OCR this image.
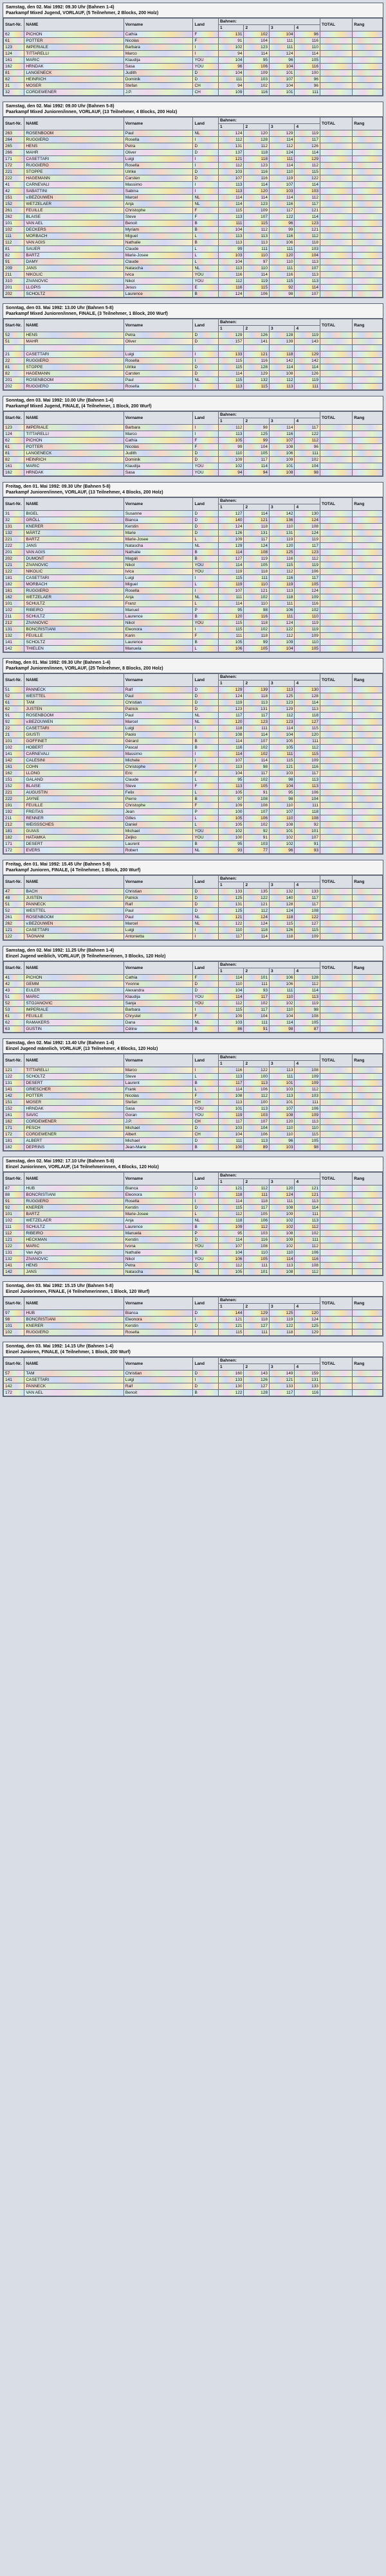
Samstag, den 02. Mai 1992: 09.30 Uhr (Bahnen 1-4)
Paarkampf Mixed Jugend, VORLAUF, (5 Teilnehmer, 2 Blocks, 200 Holz)
Start-Nr.	NAME	Vorname	Land	Bahnen:				TOTAL	Rang
				1	2	3	4		
62	PICHON	Cathia	F	131	102	104	96		
61	POTTER	Nicolas	F	91	104	111	116		
123	IMPERIALE	Barbara	I	102	123	111	110		
124	TITTARELLI	Marco	I	94	114	124	114		
161	MARIC	Klaudija	YOU	104	95	96	105		
162	HRNDAK	Sasa	YOU	96	106	104	116		
81	LANGENECK	Judith	D	104	109	101	100		
82	HEINRICH	Dominik	D	111	103	107	96		
31	MOSER	Stefan	CH	94	102	104	96		
32	CORDEWENER	J.P.	CH	109	116	101	111		
Samstag, den 02. Mai 1992: 09.00 Uhr (Bahnen 5-8)
Paarkampf Mixed Junioren/innen, VORLAUF, (13 Teilnehmer, 4 Blocks, 200 Holz)
Start-Nr.	NAME	Vorname	Land	Bahnen:				TOTAL	Rang
				1	2	3	4		
263	ROSENBOOM	Paul	NL	124	120	129	119		
264	RUGGIERO	Rosella	I	112	128	114	117		
265	HENS	Petra	D	131	112	112	126		
266	MAHR	Oliver	D	137	118	124	114		
171	CASETTARI	Luigi	I	121	118	111	129		
172	RUGGIERO	Rosella	I	112	123	114	112		
221	STOPPE	Ulrike	D	103	116	110	115		
222	HAGEMANN	Carsten	D	107	116	119	122		
41	CARNEVALI	Massimo	I	113	114	107	114		
42	SABATTINI	Sabina	I	113	120	103	103		
151	v.BEZOUWEN	Marcel	NL	114	114	114	112		
152	WETZELAER	Anja	NL	114	123	116	117		
261	FEUILLE	Christophe	F	115	109	117	121		
262	BLAISE	Steve	F	113	107	122	114		
101	VAN AEL	Benoit	B	111	115	96	123		
102	DECKERS	Myriam	B	104	112	99	121		
111	MORBACH	Miguel	L	113	113	116	112		
112	VAN AGIS	Nathalie	B	113	113	106	118		
81	SAUER	Claude	L	99	111	111	103		
82	BARTZ	Marie-Josee	L	103	110	120	104		
91	DAMY	Claude	L	104	97	110	113		
209	JANS	Natascha	NL	113	110	111	107		
211	NIKOLIC	Ivica	YOU	116	114	116	113		
310	ZIVANOVIC	Nikol	YOU	112	119	115	113		
201	LLOPIS	Jesus	E	116	115	92	114		
202	SCHOLTZ	Laurence	B	124	106	98	107		
Sonntag, den 03. Mai 1992: 13.00 Uhr (Bahnen 5-8)
Paarkampf Mixed Junioren/innen, FINALE, (3 Teilnehmer, 1 Block, 200 Wurf)
Start-Nr.	NAME	Vorname	Land	Bahnen:				TOTAL	Rang
				1	2	3	4		
52	HENS	Petra	D	129	126	128	119		
51	MAHR	Oliver	D	157	141	139	143		

21	CASETTARI	Luigi	I	133	121	118	129		
22	RUGGIERO	Rosella	I	115	116	142	142		
81	STOPPE	Ulrike	D	115	128	114	114		
82	HAGEMANN	Carsten	D	114	129	108	126		
201	ROSENBOOM	Paul	NL	115	132	112	119		
202	RUGGIERO	Rosella	I	113	115	113	111		
Sonntag, den 03. Mai 1992: 10.00 Uhr (Bahnen 1-4)
Paarkampf Mixed Jugend, FINALE, (4 Teilnehmer, 1 Block, 200 Wurf)
Start-Nr.	NAME	Vorname	Land	Bahnen:				TOTAL	Rang
				1	2	3	4		
123	IMPERIALE	Barbara	I	112	98	114	117		
124	TITTARELLI	Marco	I	113	125	116	122		
62	PICHON	Cathia	F	105	99	107	112		
61	POTTER	Nicolas	F	99	104	108	96		
81	LANGENECK	Judith	D	110	105	106	111		
82	HEINRICH	Dominik	D	109	117	109	102		
161	MARIC	Klaudija	YOU	102	114	101	104		
162	HRNDAK	Sasa	YOU	94	94	108	98		
Freitag, den 01. Mai 1992: 09.30 Uhr (Bahnen 5-8)
Paarkampf Junioren/innen, VORLAUF, (13 Teilnehmer, 4 Blocks, 200 Holz)
Start-Nr.	NAME	Vorname	Land	Bahnen:				TOTAL	Rang
				1	2	3	4		
31	BIGEL	Susanne	D	127	114	142	130		
32	GRÖLL	Bianca	D	140	121	136	124		
131	KNERER	Kerstin	D	124	118	110	108		
132	MÄRTZ	Marie	D	126	131	131	124		
221	BARTZ	Marie-Josee	L	109	117	119	119		
222	JANS	Natascha	NL	129	124	120	117		
201	VAN AGIS	Nathalie	B	114	108	125	123		
202	DUMONT	Magali	B	127	119	116	112		
121	ZIVANOVIC	Nikol	YOU	114	105	115	119		
122	NIKOLIC	Ivica	YOU	119	118	112	106		
181	CASETTARI	Luigi	I	115	111	116	117		
182	MORBACH	Miguel	L	119	110	119	105		
161	RUGGIERO	Rosella	I	107	121	113	124		
162	WETZELAER	Anja	NL	111	102	118	109		
101	SCHULTZ	Franz	L	114	110	111	116		
102	RIBEIRO	Manuel	P	95	98	106	102		
211	SCHULTZ	Laurence	B	120	116	111	110		
212	ZIVANOVIC	Nikol	YOU	115	118	124	119		
131	BONCRISTIANI	Eleonora	I	115	102	122	119		
132	FEUILLE	Karin	F	111	118	112	109		
141	SCHOLTZ	Laurence	B	105	99	109	110		
142	THIELEN	Manuela	L	106	105	104	105		
Freitag, den 01. Mai 1992: 09.30 Uhr (Bahnen 1-4)
Paarkampf Junioren/innen, VORLAUF, (25 Teilnehmer, 8 Blocks, 200 Holz)
Start-Nr.	NAME	Vorname	Land	Bahnen:				TOTAL	Rang
				1	2	3	4		
51	PANNECK	Ralf	D	129	139	113	130		
52	WESTTEL	Paul	D	124	118	125	128		
61	TAM	Christian	D	119	113	123	114		
62	JUSTEN	Patrick	D	123	131	129	113		
91	ROSENBOOM	Paul	NL	117	117	112	118		
92	v.BEZOUWEN	Marcel	NL	120	123	123	127		
22	CASETTARI	Luigi	I	118	111	114	115		
21	GIUSTI	Paolo	I	108	114	104	120		
101	GOFFINET	Gérard	B	114	107	105	111		
102	HOBERT	Pascal	B	116	102	105	112		
141	CARNEVALI	Massimo	I	114	102	111	115		
142	CALESINI	Michele	I	107	114	115	109		
161	COHN	Christophe	F	113	98	121	116		
162	LLONG	Eric	F	104	117	103	117		
151	GALAND	Claude	L	95	102	98	113		
152	BLAISE	Steve	F	113	105	104	113		
221	AUGUSTIN	Felix	L	105	91	95	106		
222	JAYNE	Pierre	B	97	108	98	104		
191	FEUILLE	Christophe	F	109	108	110	111		
192	FREITAS	Jean	P	100	107	107	118		
211	RENNER	Gilles	L	105	106	110	108		
212	WEISSSCHES	Daniel	L	105	102	108	92		
181	GUIAS	Michael	YOU	102	92	101	101		
182	HATAMKA	Zeljko	YOU	100	91	102	107		
171	DESERT	Laurent	B	95	103	102	91		
172	EVERS	Robert	NL	93	77	96	93		
Freitag, den 01. Mai 1992: 15.45 Uhr (Bahnen 5-8)
Paarkampf Junioren, FINALE, (4 Teilnehmer, 1 Block, 200 Wurf)
Start-Nr.	NAME	Vorname	Land	Bahnen:				TOTAL	Rang
				1	2	3	4		
47	BACH	Christian	D	133	135	132	133		
48	JUSTEN	Patrick	D	125	122	140	117		
51	PANNECK	Ralf	D	131	121	128	117		
52	WESTTEL	Paul	D	125	112	124	108		
261	ROSENBOOM	Paul	NL	121	124	118	122		
262	v.BEZOUWEN	Marcel	NL	122	124	115	127		
121	CASETTARI	Luigi	I	110	118	126	115		
122	TAGNANI	Antonietta	I	117	114	118	109		
Samstag, den 02. Mai 1992: 11.25 Uhr (Bahnen 1-4)
Einzel Jugend weiblich, VORLAUF, (9 Teilnehmerinnen, 3 Blocks, 120 Holz)
Start-Nr.	NAME	Vorname	Land	Bahnen:				TOTAL	Rang
				1	2	3	4		
41	PICHON	Cathia	F	114	101	106	128		
42	GEMM	Yvonne	D	110	111	106	112		
43	EULER	Alexandra	D	104	93	111	114		
51	MARIC	Klaudija	YOU	114	117	110	113		
52	STOJANOVIC	Sanja	YOU	112	102	102	119		
53	IMPERIALE	Barbara	I	115	117	110	98		
61	FEUILLE	Chrystel	F	109	104	104	108		
62	RAMAKERS	Dana	NL	103	111	114	105		
63	GUSTIN	Céline	B	86	91	98	87		
Samstag, den 02. Mai 1992: 13.40 Uhr (Bahnen 1-4)
Einzel Jugend männlich, VORLAUF, (13 Teilnehmer, 4 Blocks, 120 Holz)
Start-Nr.	NAME	Vorname	Land	Bahnen:				TOTAL	Rang
				1	2	3	4		
121	TITTARELLI	Marco	I	116	122	113	108		
122	SCHOLTZ	Steve	L	113	100	111	109		
131	DESERT	Laurent	B	117	113	101	109		
141	GRIESCHER	Frank	L	114	106	103	112		
142	POTTER	Nicolas	F	108	112	113	103		
151	MOSER	Stefan	CH	113	100	101	111		
152	HRNDAK	Sasa	YOU	101	113	107	106		
161	SAVIC	Goran	YOU	119	103	108	109		
162	CORDEWENER	J.P.	CH	117	107	120	113		
171	PESCH	Michael	D	103	104	110	110		
172	CORDEWENER	Albert	CH	104	106	110	115		
181	ALBERT	Michael	D	111	113	96	105		
182	DEPRINS	Jean-Marie	B	100	89	103	98		
Samstag, den 02. Mai 1992: 17.10 Uhr (Bahnen 5-8)
Einzel Juniorinnen, VORLAUF, (14 Teilnehmerinnen, 4 Blocks, 120 Holz)
Start-Nr.	NAME	Vorname	Land	Bahnen:				TOTAL	Rang
				1	2	3	4		
87	HUB	Bianca	D	121	112	120	121		
88	BONCRISTIANI	Eleonora	I	118	111	124	121		
91	RUGGIERO	Rosella	I	114	118	111	113		
92	KNERER	Kerstin	D	115	117	108	114		
101	BARTZ	Marie-Josee	L	112	105	109	111		
102	WETZELAER	Anja	NL	118	106	102	113		
111	SCHULTZ	Laurence	B	109	112	102	112		
112	RIBEIRO	Manuela	P	95	103	108	102		
121	HECKMAN	Kerstin	D	114	116	109	111		
122	MARIC	Ivona	YOU	107	108	102	112		
131	Van Agis	Nathalie	B	104	110	110	106		
132	ZIVANOVIC	Nikol	YOU	106	105	114	116		
141	HENS	Petra	D	112	111	113	108		
142	JANS	Natascha	NL	105	101	108	112		
Sonntag, den 03. Mai 1992: 15.15 Uhr (Bahnen 5-8)
Einzel Juniorinnen, FINALE, (4 Teilnehmerinnen, 1 Block, 120 Wurf)
Start-Nr.	NAME	Vorname	Land	Bahnen:				TOTAL	Rang
				1	2	3	4		
97	HUB	Bianca	D	144	129	125	120		
98	BONCRISTIANI	Eleonora	I	121	118	119	124		
101	KNERER	Kerstin	D	121	127	122	125		
102	RUGGIERO	Rosella	I	115	111	118	129		
Sonntag, den 03. Mai 1992: 14.15 Uhr (Bahnen 1-4)
Einzel Junioren, FINALE, (4 Teilnehmer, 1 Block, 200 Wurf)
Start-Nr.	NAME	Vorname	Land	Bahnen:				TOTAL	Rang
				1	2	3	4		
57	TAM	Christian	D	160	143	149	159		
141	CASETTARI	Luigi	I	133	126	121	131		
142	PANNECK	Ralf	D	130	127	133	133		
172	VAN AEL	Benoit	B	122	128	117	116		
